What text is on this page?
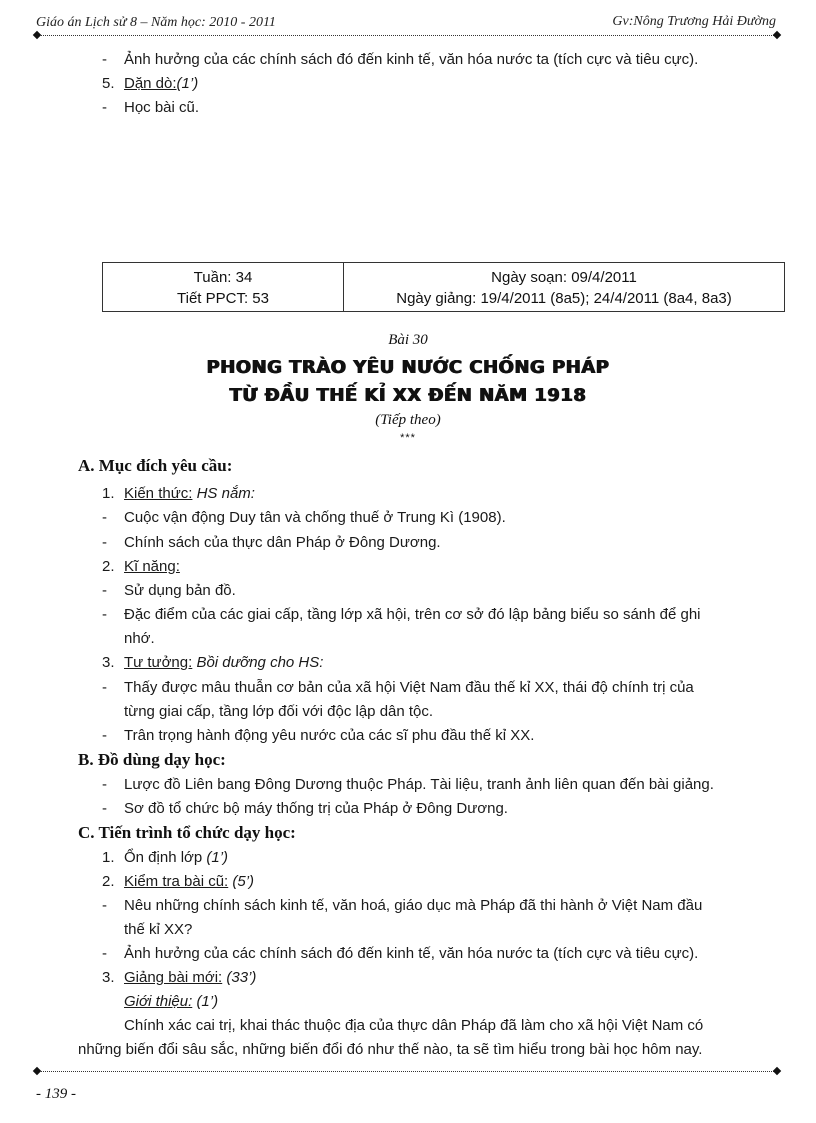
Giáo án Lịch sử 8 – Năm học: 2010 - 2011	Gv:Nông Trương Hải Đường
- Ảnh hưởng của các chính sách đó đến kinh tế, văn hóa nước ta (tích cực và tiêu cực).
5. Dặn dò:(1’)
- Học bài cũ.
Tuần: 34
Tiết PPCT: 53
Ngày soạn: 09/4/2011
Ngày giảng: 19/4/2011 (8a5); 24/4/2011 (8a4, 8a3)
Bài 30
PHONG TRÀO YÊU NƯỚC CHỐNG PHÁP
TỪ ĐẦU THẾ KỈ XX ĐẾN NĂM 1918
(Tiếp theo)
***
A. Mục đích yêu cầu:
1. Kiến thức: HS nắm:
- Cuộc vận động Duy tân và chống thuế ở Trung Kì (1908).
- Chính sách của thực dân Pháp ở Đông Dương.
2. Kĩ năng:
- Sử dụng bản đồ.
- Đặc điểm của các giai cấp, tầng lớp xã hội, trên cơ sở đó lập bảng biểu so sánh để ghi
nhớ.
3. Tư tưởng: Bồi dưỡng cho HS:
- Thấy được mâu thuẫn cơ bản của xã hội Việt Nam đầu thế kỉ XX, thái độ chính trị của
từng giai cấp, tầng lớp đối với độc lập dân tộc.
- Trân trọng hành động yêu nước của các sĩ phu đầu thế kỉ XX.
B. Đồ dùng dạy học:
- Lược đồ Liên bang Đông Dương thuộc Pháp. Tài liệu, tranh ảnh liên quan đến bài giảng.
- Sơ đồ tổ chức bộ máy thống trị của Pháp ở Đông Dương.
C. Tiến trình tổ chức dạy học:
1. Ổn định lớp (1’)
2. Kiểm tra bài cũ: (5’)
- Nêu những chính sách kinh tế, văn hoá, giáo dục mà Pháp đã thi hành ở Việt Nam đầu
thế kỉ XX?
- Ảnh hưởng của các chính sách đó đến kinh tế, văn hóa nước ta (tích cực và tiêu cực).
3. Giảng bài mới: (33’)
Giới thiệu: (1’)
Chính xác cai trị, khai thác thuộc địa của thực dân Pháp đã làm cho xã hội Việt Nam có
những biến đổi sâu sắc, những biến đổi đó như thế nào, ta sẽ tìm hiểu trong bài học hôm nay.
- 139 -
